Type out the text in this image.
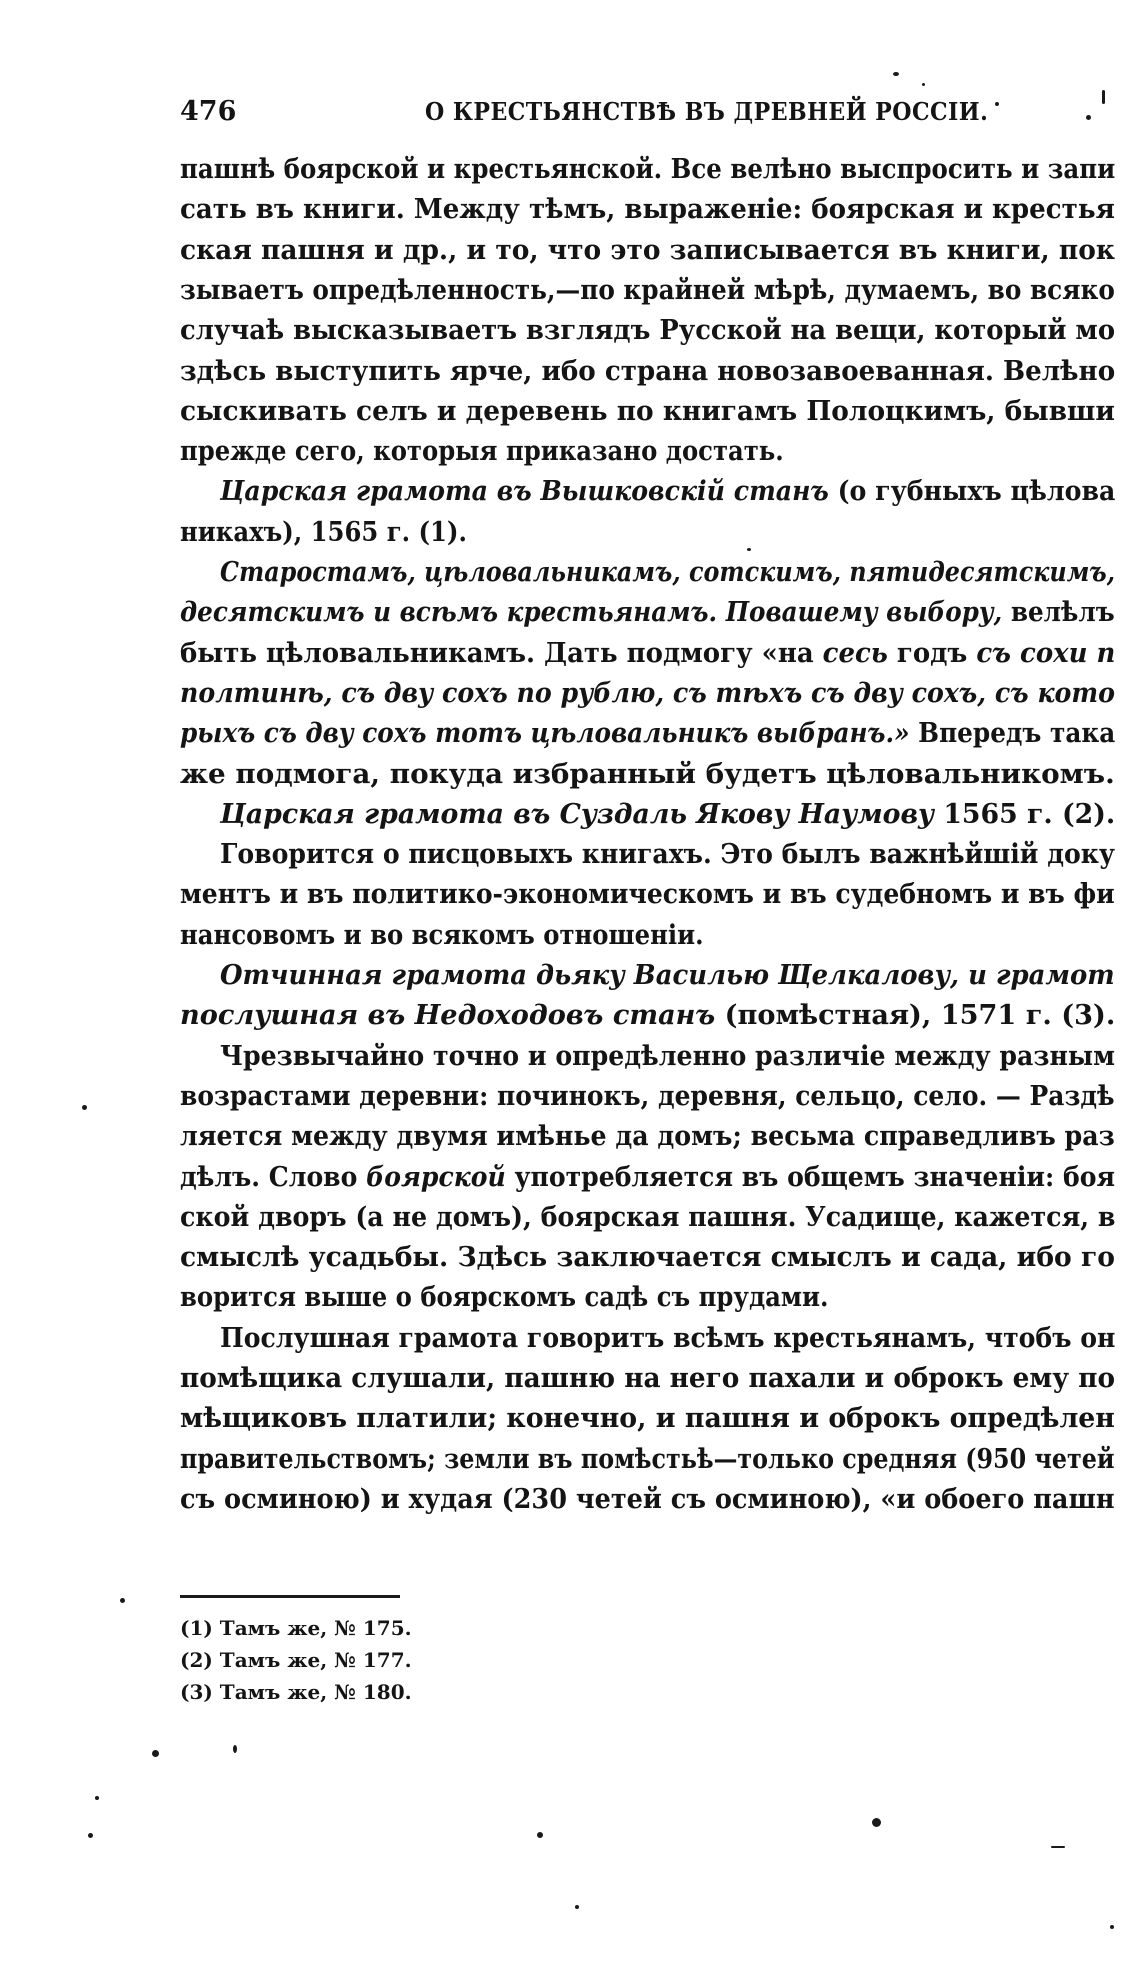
476	О КРЕСТЬЯНСТВѢ ВЪ ДРЕВНЕЙ РОССІИ.
пашнѣ боярской и крестьянской. Все велѣно выспросить и запи
сать въ книги. Между тѣмъ, выраженіе: боярская и крестья
ская пашня и др., и то, что это записывается въ книги, пок
зываетъ опредѣленность,—по крайней мѣрѣ, думаемъ, во всяко
случаѣ высказываетъ взглядъ Русской на вещи, который мо
здѣсь выступить ярче, ибо страна новозавоеванная. Велѣно
сыскивать селъ и деревень по книгамъ Полоцкимъ, бывши
прежде сего, которыя приказано достать.
Царская грамота въ Вышковскій станъ (о губныхъ цѣлова
никахъ), 1565 г. (1).
Старостамъ, цѣловальникамъ, сотскимъ, пятидесятскимъ,
десятскимъ и всѣмъ крестьянамъ. Повашему выбору, велѣлъ
быть цѣловальникамъ. Дать подмогу «на сесь годъ съ сохи п
полтинѣ, съ дву сохъ по рублю, съ тѣхъ съ дву сохъ, съ кото
рыхъ съ дву сохъ тотъ цѣловальникъ выбранъ.» Впередъ така
же подмога, покуда избранный будетъ цѣловальникомъ.
Царская грамота въ Суздаль Якову Наумову 1565 г. (2).
Говорится о писцовыхъ книгахъ. Это былъ важнѣйшій доку
ментъ и въ политико-экономическомъ и въ судебномъ и въ фи
нансовомъ и во всякомъ отношеніи.
Отчинная грамота дьяку Василью Щелкалову, и грамот
послушная въ Недоходовъ станъ (помѣстная), 1571 г. (3).
Чрезвычайно точно и опредѣленно различіе между разным
возрастами деревни: починокъ, деревня, сельцо, село. — Раздѣ
ляется между двумя имѣнье да домъ; весьма справедливъ раз
дѣлъ. Слово боярской употребляется въ общемъ значеніи: боя
ской дворъ (а не домъ), боярская пашня. Усадище, кажется, в
смыслѣ усадьбы. Здѣсь заключается смыслъ и сада, ибо го
ворится выше о боярскомъ садѣ съ прудами.
Послушная грамота говоритъ всѣмъ крестьянамъ, чтобъ он
помѣщика слушали, пашню на него пахали и оброкъ ему по
мѣщиковъ платили; конечно, и пашня и оброкъ опредѣлен
правительствомъ; земли въ помѣстьѣ—только средняя (950 четей
съ осминою) и худая (230 четей съ осминою), «и обоего пашн
(1) Тамъ же, № 175.
(2) Тамъ же, № 177.
(3) Тамъ же, № 180.
